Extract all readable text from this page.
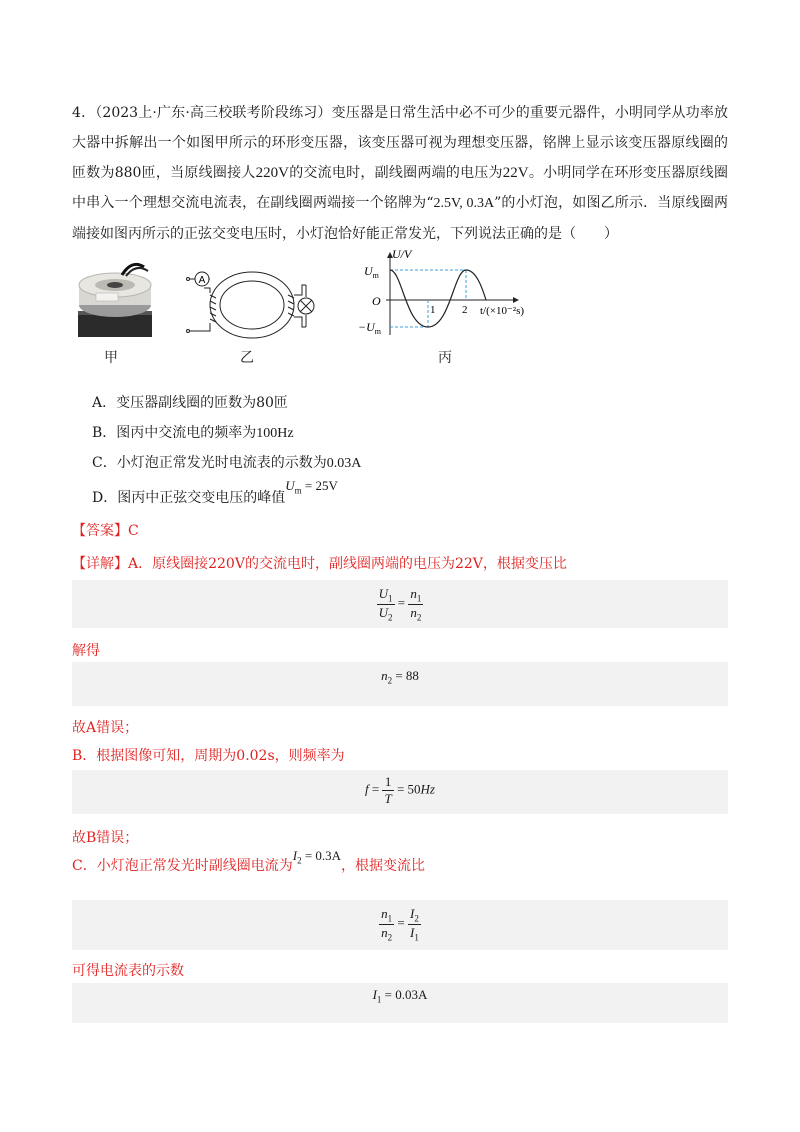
4．（2023上·广东·高三校联考阶段练习）变压器是日常生活中必不可少的重要元器件，小明同学从功率放大器中拆解出一个如图甲所示的环形变压器，该变压器可视为理想变压器，铭牌上显示该变压器原线圈的匝数为880匝，当原线圈接人220V的交流电时，副线圈两端的电压为22V。小明同学在环形变压器原线圈中串入一个理想交流电流表，在副线圈两端接一个铭牌为“2.5V, 0.3A”的小灯泡，如图乙所示．当原线圈两端接如图丙所示的正弦交变电压时，小灯泡恰好能正常发光，下列说法正确的是（　　）
甲
A
乙
U/V
$U_m$
O
$-U_m$
1 2 t/(×10⁻²s)
丙
A．变压器副线圈的匝数为80匝
B．图丙中交流电的频率为100Hz
C．小灯泡正常发光时电流表的示数为0.03A
D．图丙中正弦交变电压的峰值$U_m = 25V$
【答案】C
【详解】A．原线圈接220V的交流电时，副线圈两端的电压为22V，根据变压比
$\frac{U_1}{U_2} = \frac{n_1}{n_2}$
解得
$n_2 = 88$
故A错误；
B．根据图像可知，周期为0.02s，则频率为
$f = \frac{1}{T} = 50Hz$
故B错误；
C．小灯泡正常发光时副线圈电流为$I_2 = 0.3A$，根据变流比
$\frac{n_1}{n_2} = \frac{I_2}{I_1}$
可得电流表的示数
$I_1 = 0.03A$
